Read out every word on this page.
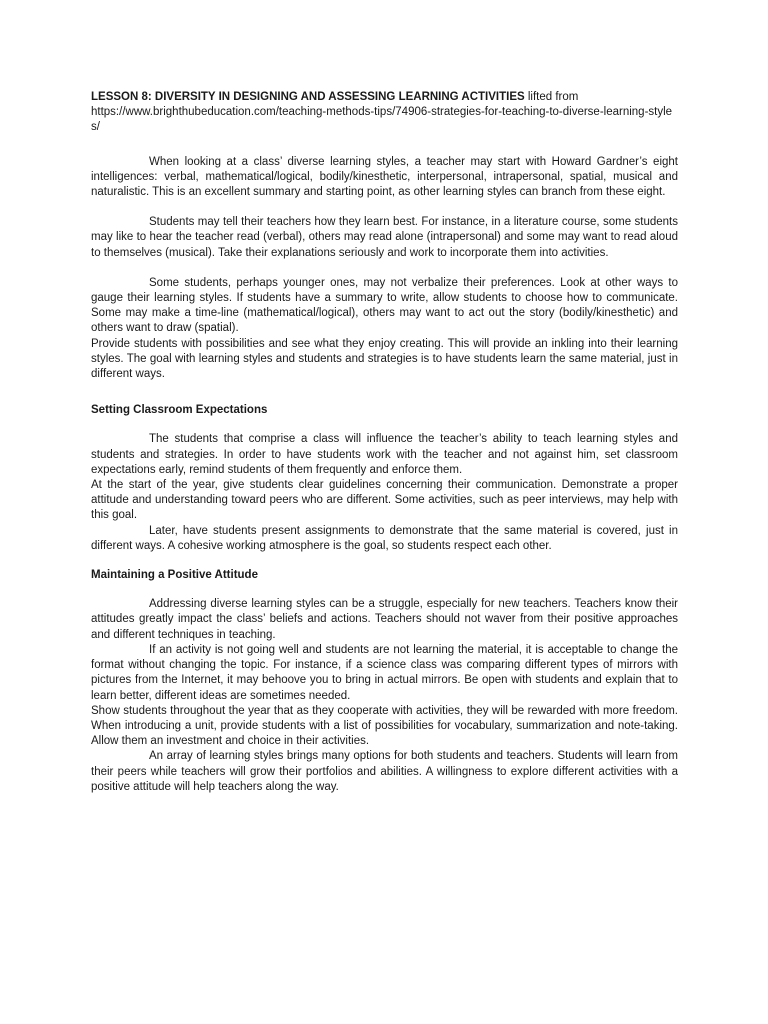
LESSON 8: DIVERSITY IN DESIGNING AND ASSESSING LEARNING ACTIVITIES lifted from
https://www.brighthubeducation.com/teaching-methods-tips/74906-strategies-for-teaching-to-diverse-learning-styles/

When looking at a class’ diverse learning styles, a teacher may start with Howard Gardner’s eight intelligences: verbal, mathematical/logical, bodily/kinesthetic, interpersonal, intrapersonal, spatial, musical and naturalistic. This is an excellent summary and starting point, as other learning styles can branch from these eight.

Students may tell their teachers how they learn best. For instance, in a literature course, some students may like to hear the teacher read (verbal), others may read alone (intrapersonal) and some may want to read aloud to themselves (musical). Take their explanations seriously and work to incorporate them into activities.

Some students, perhaps younger ones, may not verbalize their preferences. Look at other ways to gauge their learning styles. If students have a summary to write, allow students to choose how to communicate. Some may make a time-line (mathematical/logical), others may want to act out the story (bodily/kinesthetic) and others want to draw (spatial).

Provide students with possibilities and see what they enjoy creating. This will provide an inkling into their learning styles. The goal with learning styles and students and strategies is to have students learn the same material, just in different ways.

Setting Classroom Expectations

The students that comprise a class will influence the teacher’s ability to teach learning styles and students and strategies. In order to have students work with the teacher and not against him, set classroom expectations early, remind students of them frequently and enforce them.

At the start of the year, give students clear guidelines concerning their communication. Demonstrate a proper attitude and understanding toward peers who are different. Some activities, such as peer interviews, may help with this goal.

Later, have students present assignments to demonstrate that the same material is covered, just in different ways. A cohesive working atmosphere is the goal, so students respect each other.

Maintaining a Positive Attitude

Addressing diverse learning styles can be a struggle, especially for new teachers. Teachers know their attitudes greatly impact the class’ beliefs and actions. Teachers should not waver from their positive approaches and different techniques in teaching.

If an activity is not going well and students are not learning the material, it is acceptable to change the format without changing the topic. For instance, if a science class was comparing different types of mirrors with pictures from the Internet, it may behoove you to bring in actual mirrors. Be open with students and explain that to learn better, different ideas are sometimes needed.

Show students throughout the year that as they cooperate with activities, they will be rewarded with more freedom. When introducing a unit, provide students with a list of possibilities for vocabulary, summarization and note-taking. Allow them an investment and choice in their activities.

An array of learning styles brings many options for both students and teachers. Students will learn from their peers while teachers will grow their portfolios and abilities. A willingness to explore different activities with a positive attitude will help teachers along the way.
